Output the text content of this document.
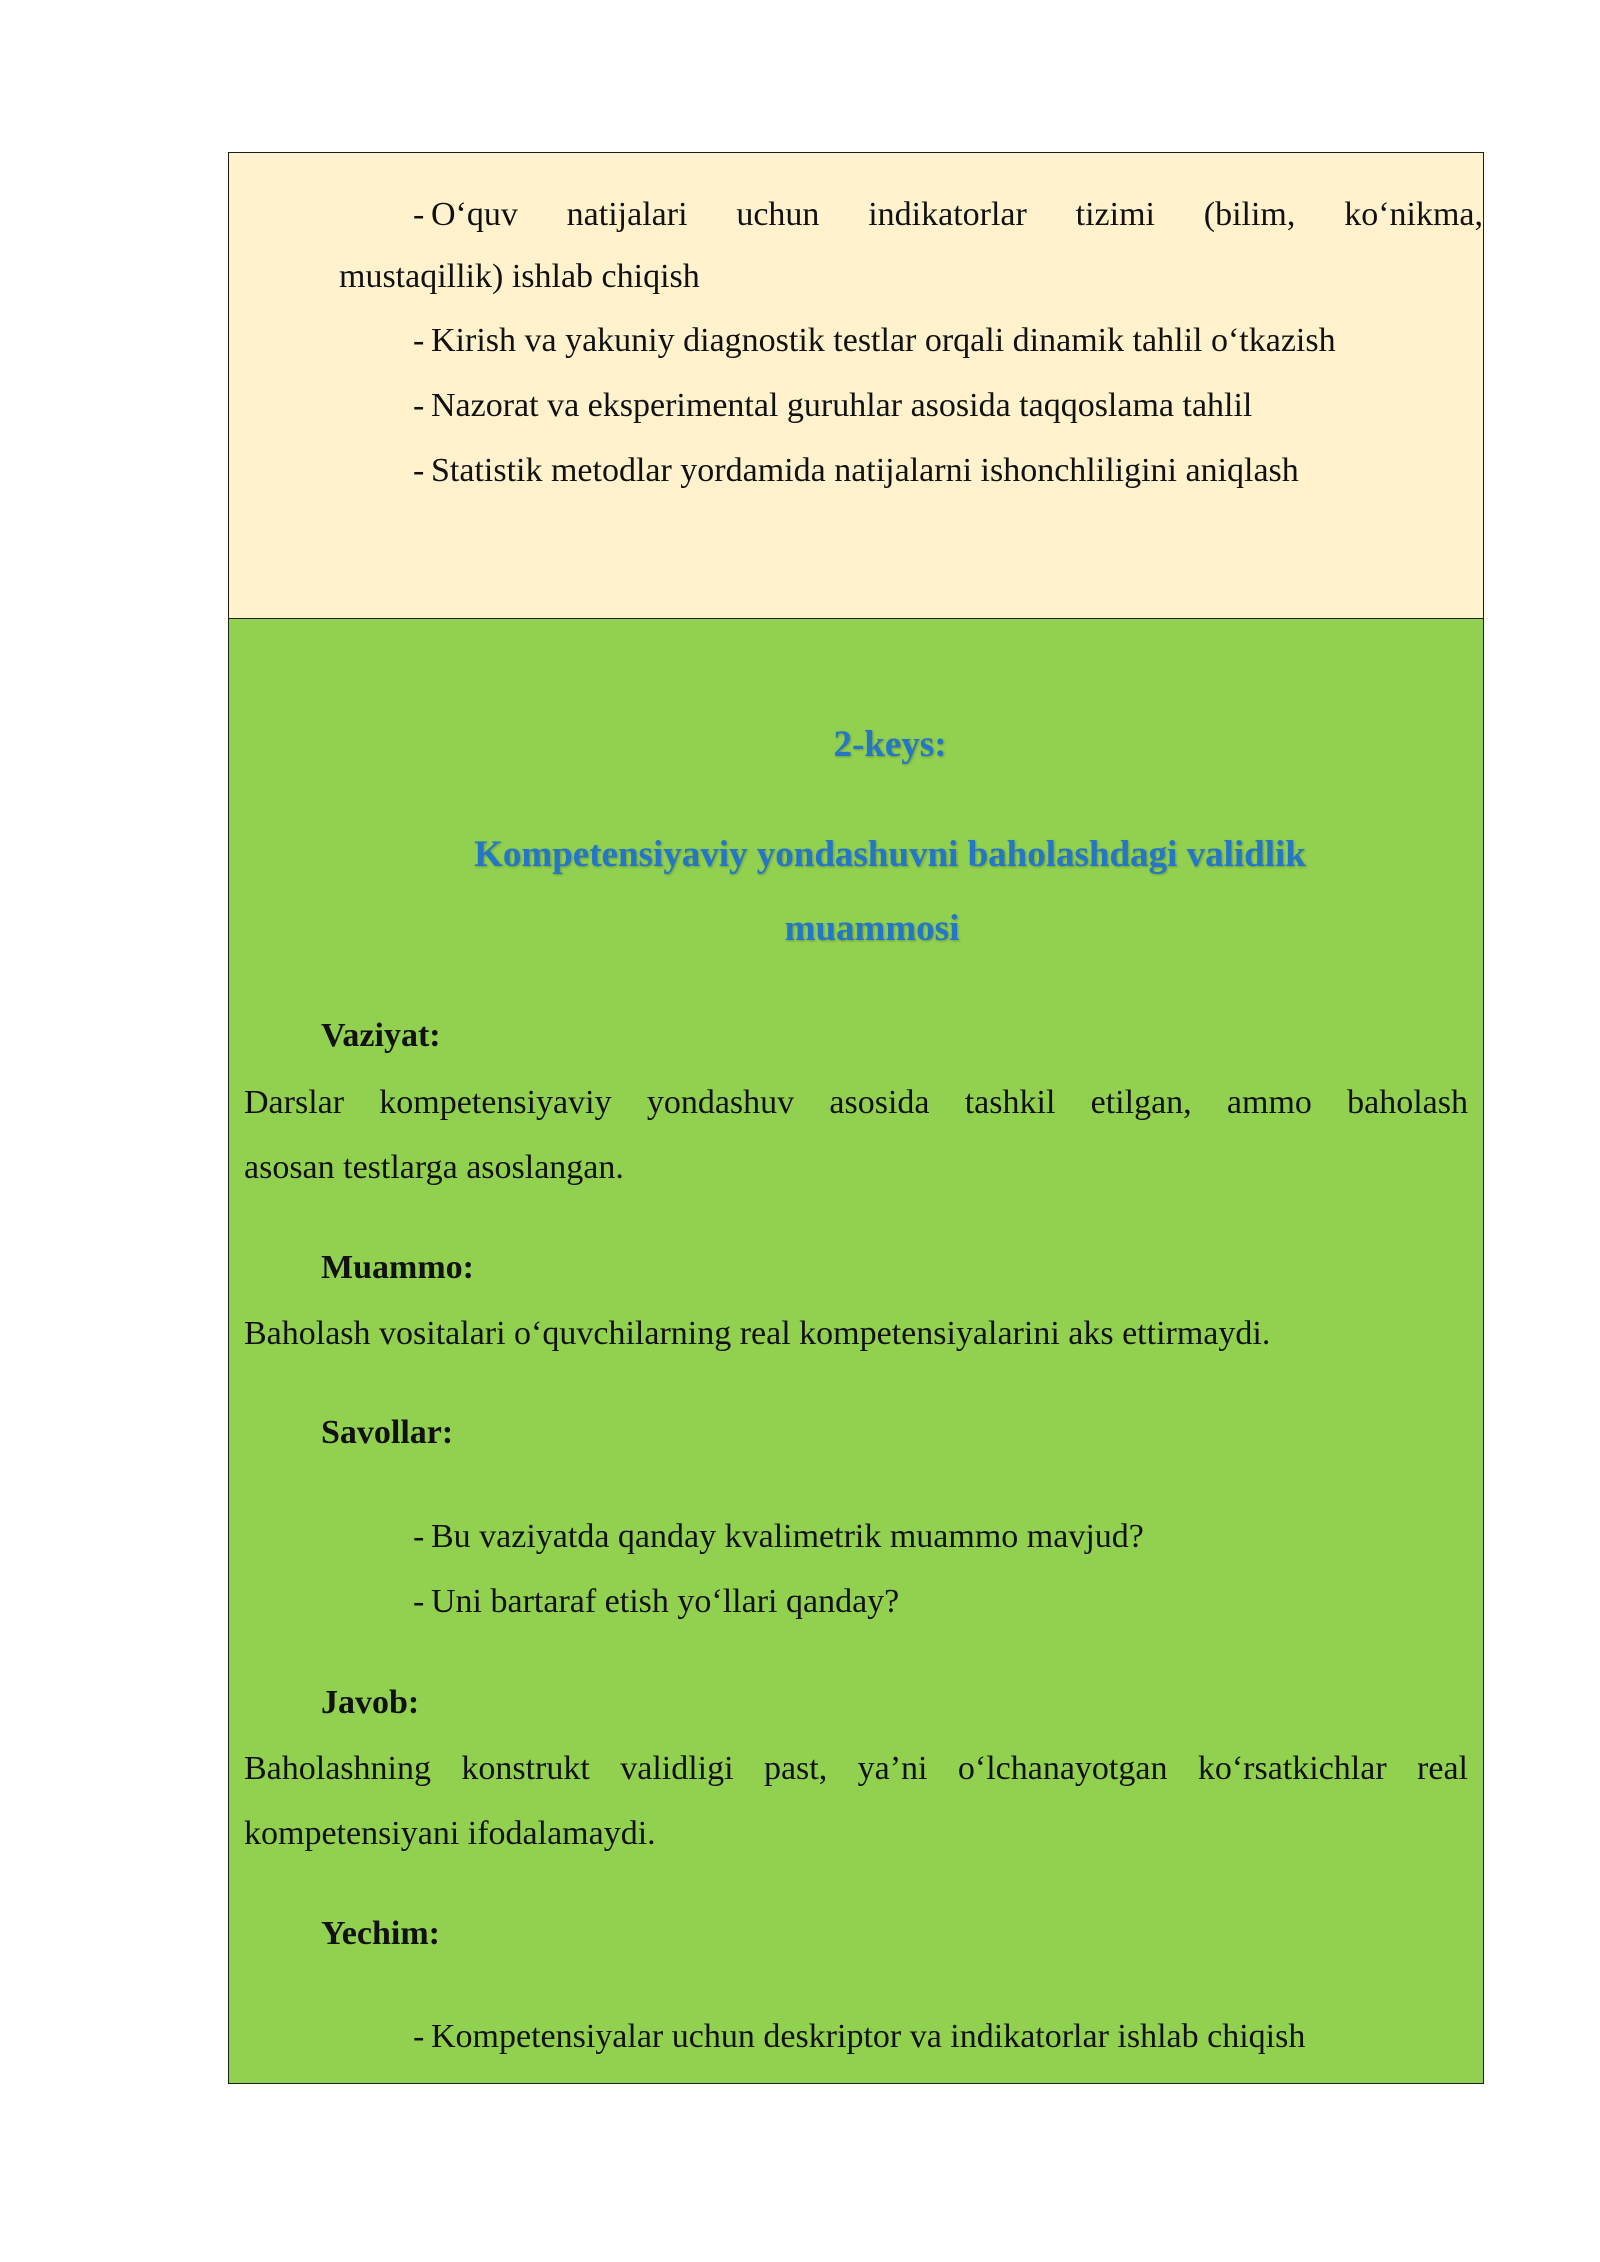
- O‘quv natijalari uchun indikatorlar tizimi (bilim, ko‘nikma,
mustaqillik) ishlab chiqish
- Kirish va yakuniy diagnostik testlar orqali dinamik tahlil o‘tkazish
- Nazorat va eksperimental guruhlar asosida taqqoslama tahlil
- Statistik metodlar yordamida natijalarni ishonchliligini aniqlash
2-keys:
Kompetensiyaviy yondashuvni baholashdagi validlik
muammosi
Vaziyat:
Darslar kompetensiyaviy yondashuv asosida tashkil etilgan, ammo baholash
asosan testlarga asoslangan.
Muammo:
Baholash vositalari o‘quvchilarning real kompetensiyalarini aks ettirmaydi.
Savollar:
- Bu vaziyatda qanday kvalimetrik muammo mavjud?
- Uni bartaraf etish yo‘llari qanday?
Javob:
Baholashning konstrukt validligi past, ya’ni o‘lchanayotgan ko‘rsatkichlar real
kompetensiyani ifodalamaydi.
Yechim:
- Kompetensiyalar uchun deskriptor va indikatorlar ishlab chiqish
